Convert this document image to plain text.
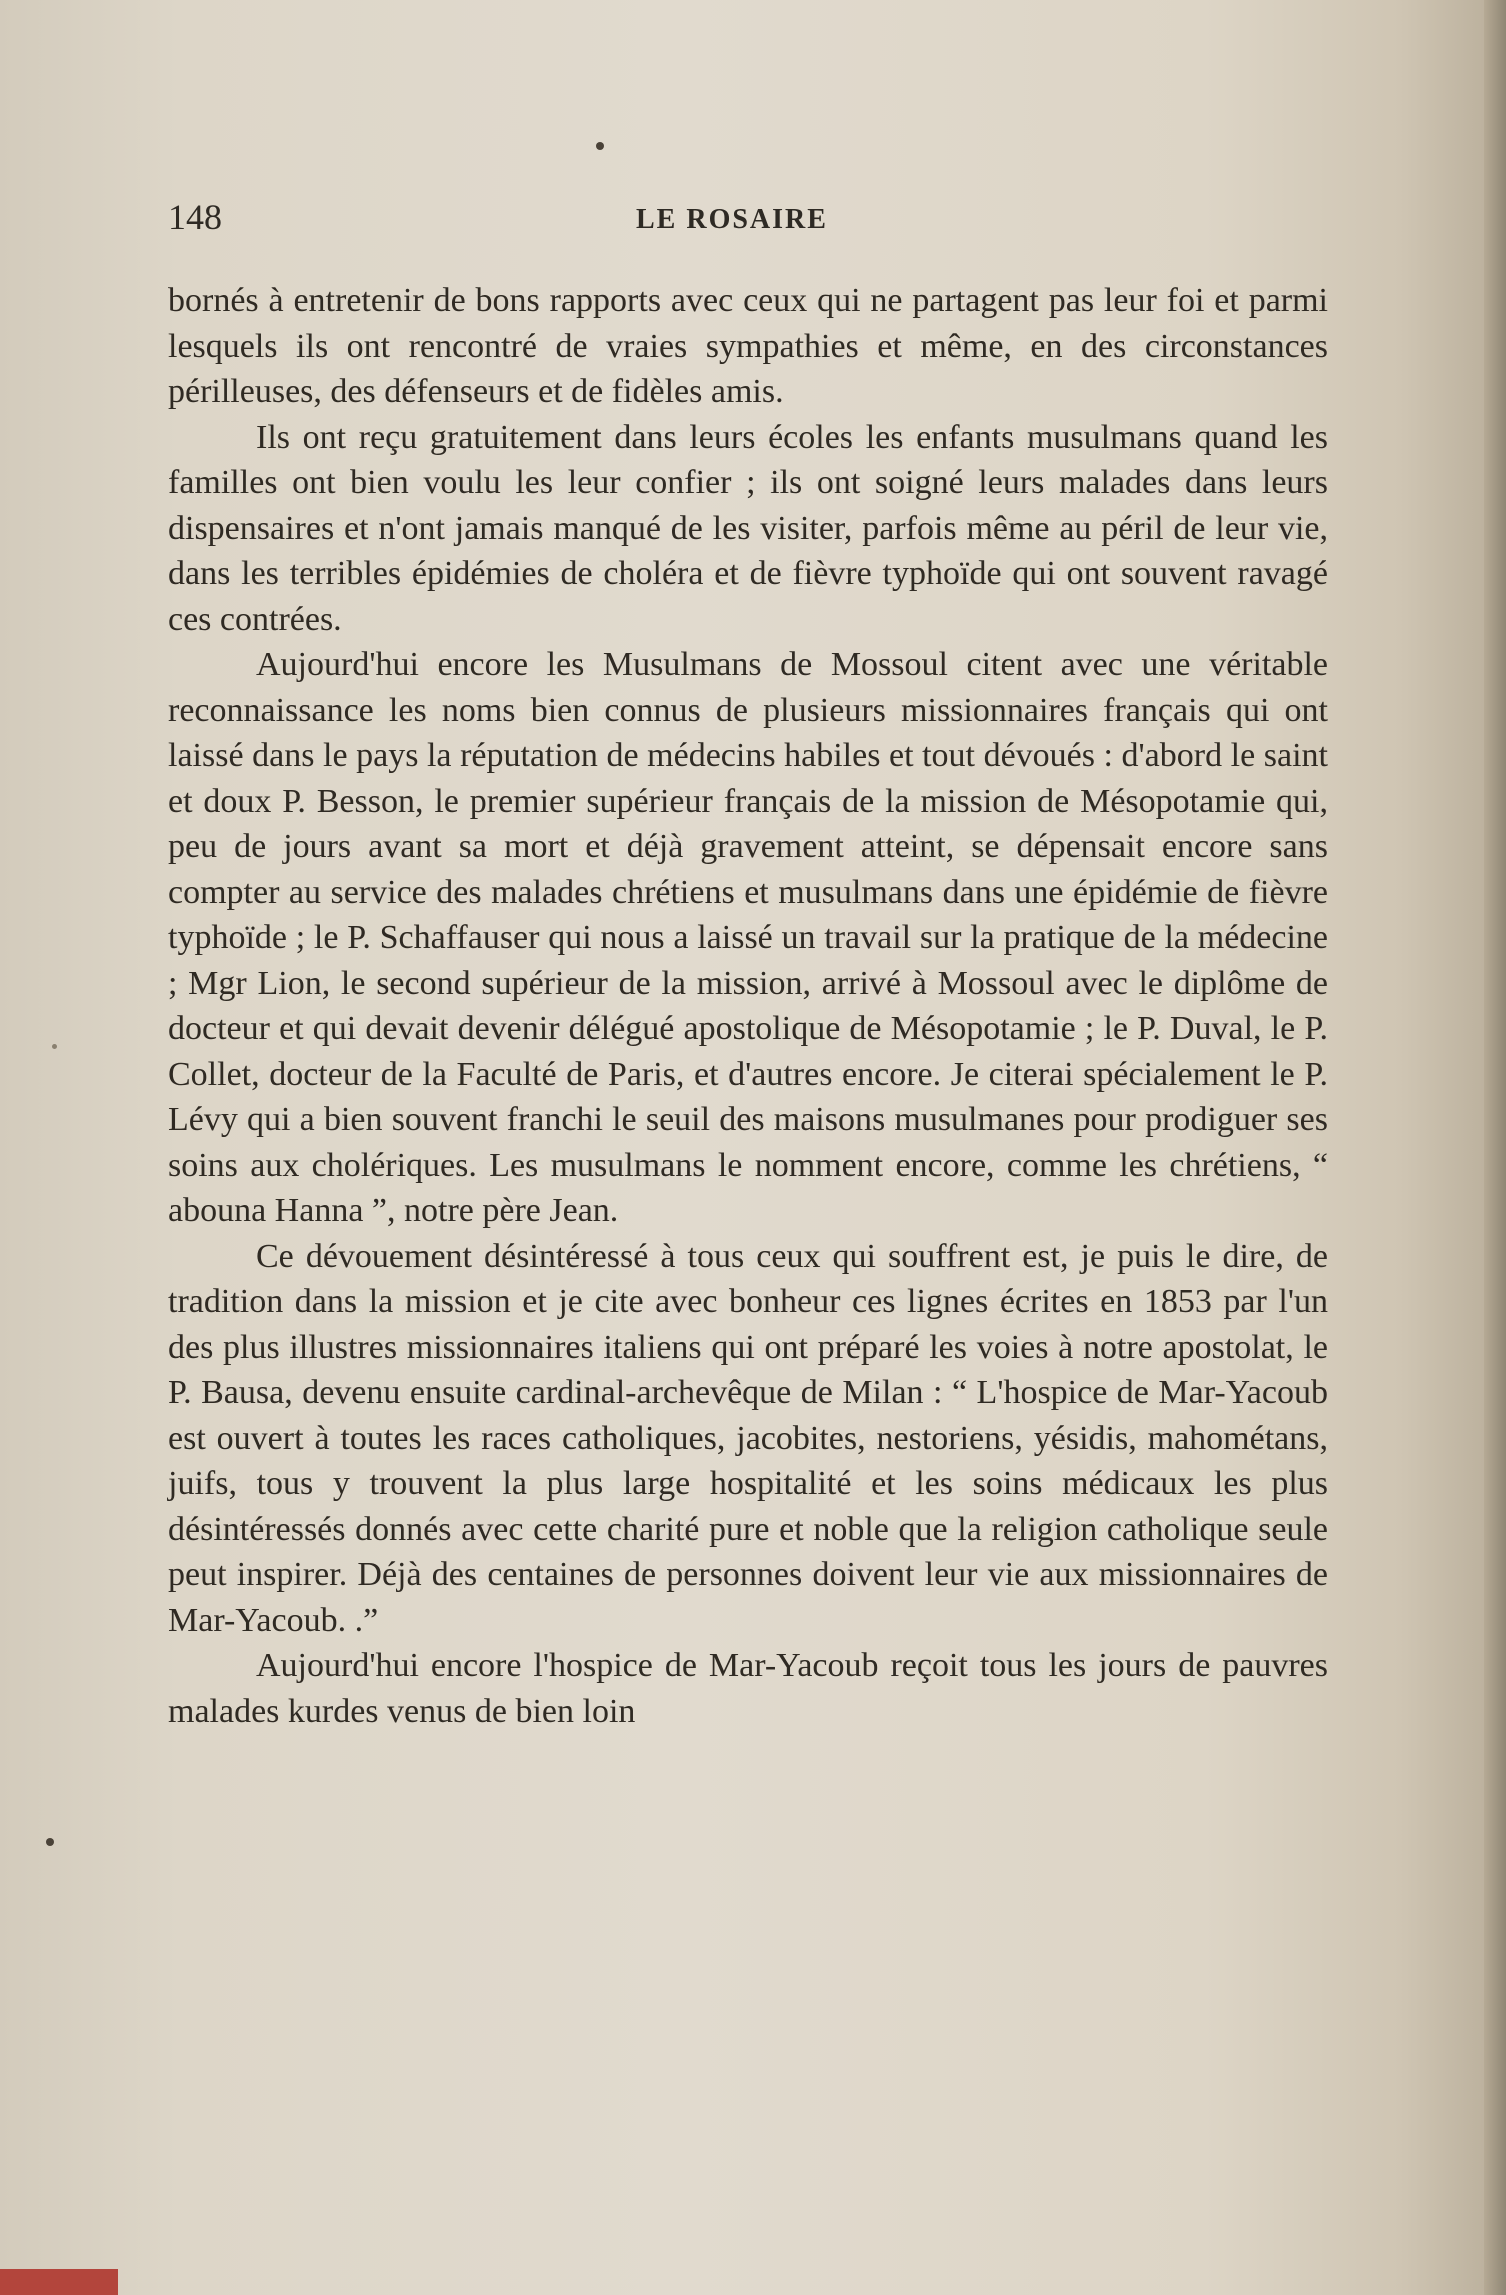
148	LE ROSAIRE

bornés à entretenir de bons rapports avec ceux qui ne partagent pas leur foi et parmi lesquels ils ont rencontré de vraies sympathies et même, en des circonstances périlleuses, des défenseurs et de fidèles amis.

Ils ont reçu gratuitement dans leurs écoles les enfants musulmans quand les familles ont bien voulu les leur confier ; ils ont soigné leurs malades dans leurs dispensaires et n'ont jamais manqué de les visiter, parfois même au péril de leur vie, dans les terribles épidémies de choléra et de fièvre typhoïde qui ont souvent ravagé ces contrées.

Aujourd'hui encore les Musulmans de Mossoul citent avec une véritable reconnaissance les noms bien connus de plusieurs missionnaires français qui ont laissé dans le pays la réputation de médecins habiles et tout dévoués : d'abord le saint et doux P. Besson, le premier supérieur français de la mission de Mésopotamie qui, peu de jours avant sa mort et déjà gravement atteint, se dépensait encore sans compter au service des malades chrétiens et musulmans dans une épidémie de fièvre typhoïde ; le P. Schaffauser qui nous a laissé un travail sur la pratique de la médecine ; Mgr Lion, le second supérieur de la mission, arrivé à Mossoul avec le diplôme de docteur et qui devait devenir délégué apostolique de Mésopotamie ; le P. Duval, le P. Collet, docteur de la Faculté de Paris, et d'autres encore. Je citerai spécialement le P. Lévy qui a bien souvent franchi le seuil des maisons musulmanes pour prodiguer ses soins aux cholériques. Les musulmans le nomment encore, comme les chrétiens, “ abouna Hanna ”, notre père Jean.

Ce dévouement désintéressé à tous ceux qui souffrent est, je puis le dire, de tradition dans la mission et je cite avec bonheur ces lignes écrites en 1853 par l'un des plus illustres missionnaires italiens qui ont préparé les voies à notre apostolat, le P. Bausa, devenu ensuite cardinal-archevêque de Milan : “ L'hospice de Mar-Yacoub est ouvert à toutes les races catholiques, jacobites, nestoriens, yésidis, mahométans, juifs, tous y trouvent la plus large hospitalité et les soins médicaux les plus désintéressés donnés avec cette charité pure et noble que la religion catholique seule peut inspirer. Déjà des centaines de personnes doivent leur vie aux missionnaires de Mar-Yacoub. .”

Aujourd'hui encore l'hospice de Mar-Yacoub reçoit tous les jours de pauvres malades kurdes venus de bien loin
